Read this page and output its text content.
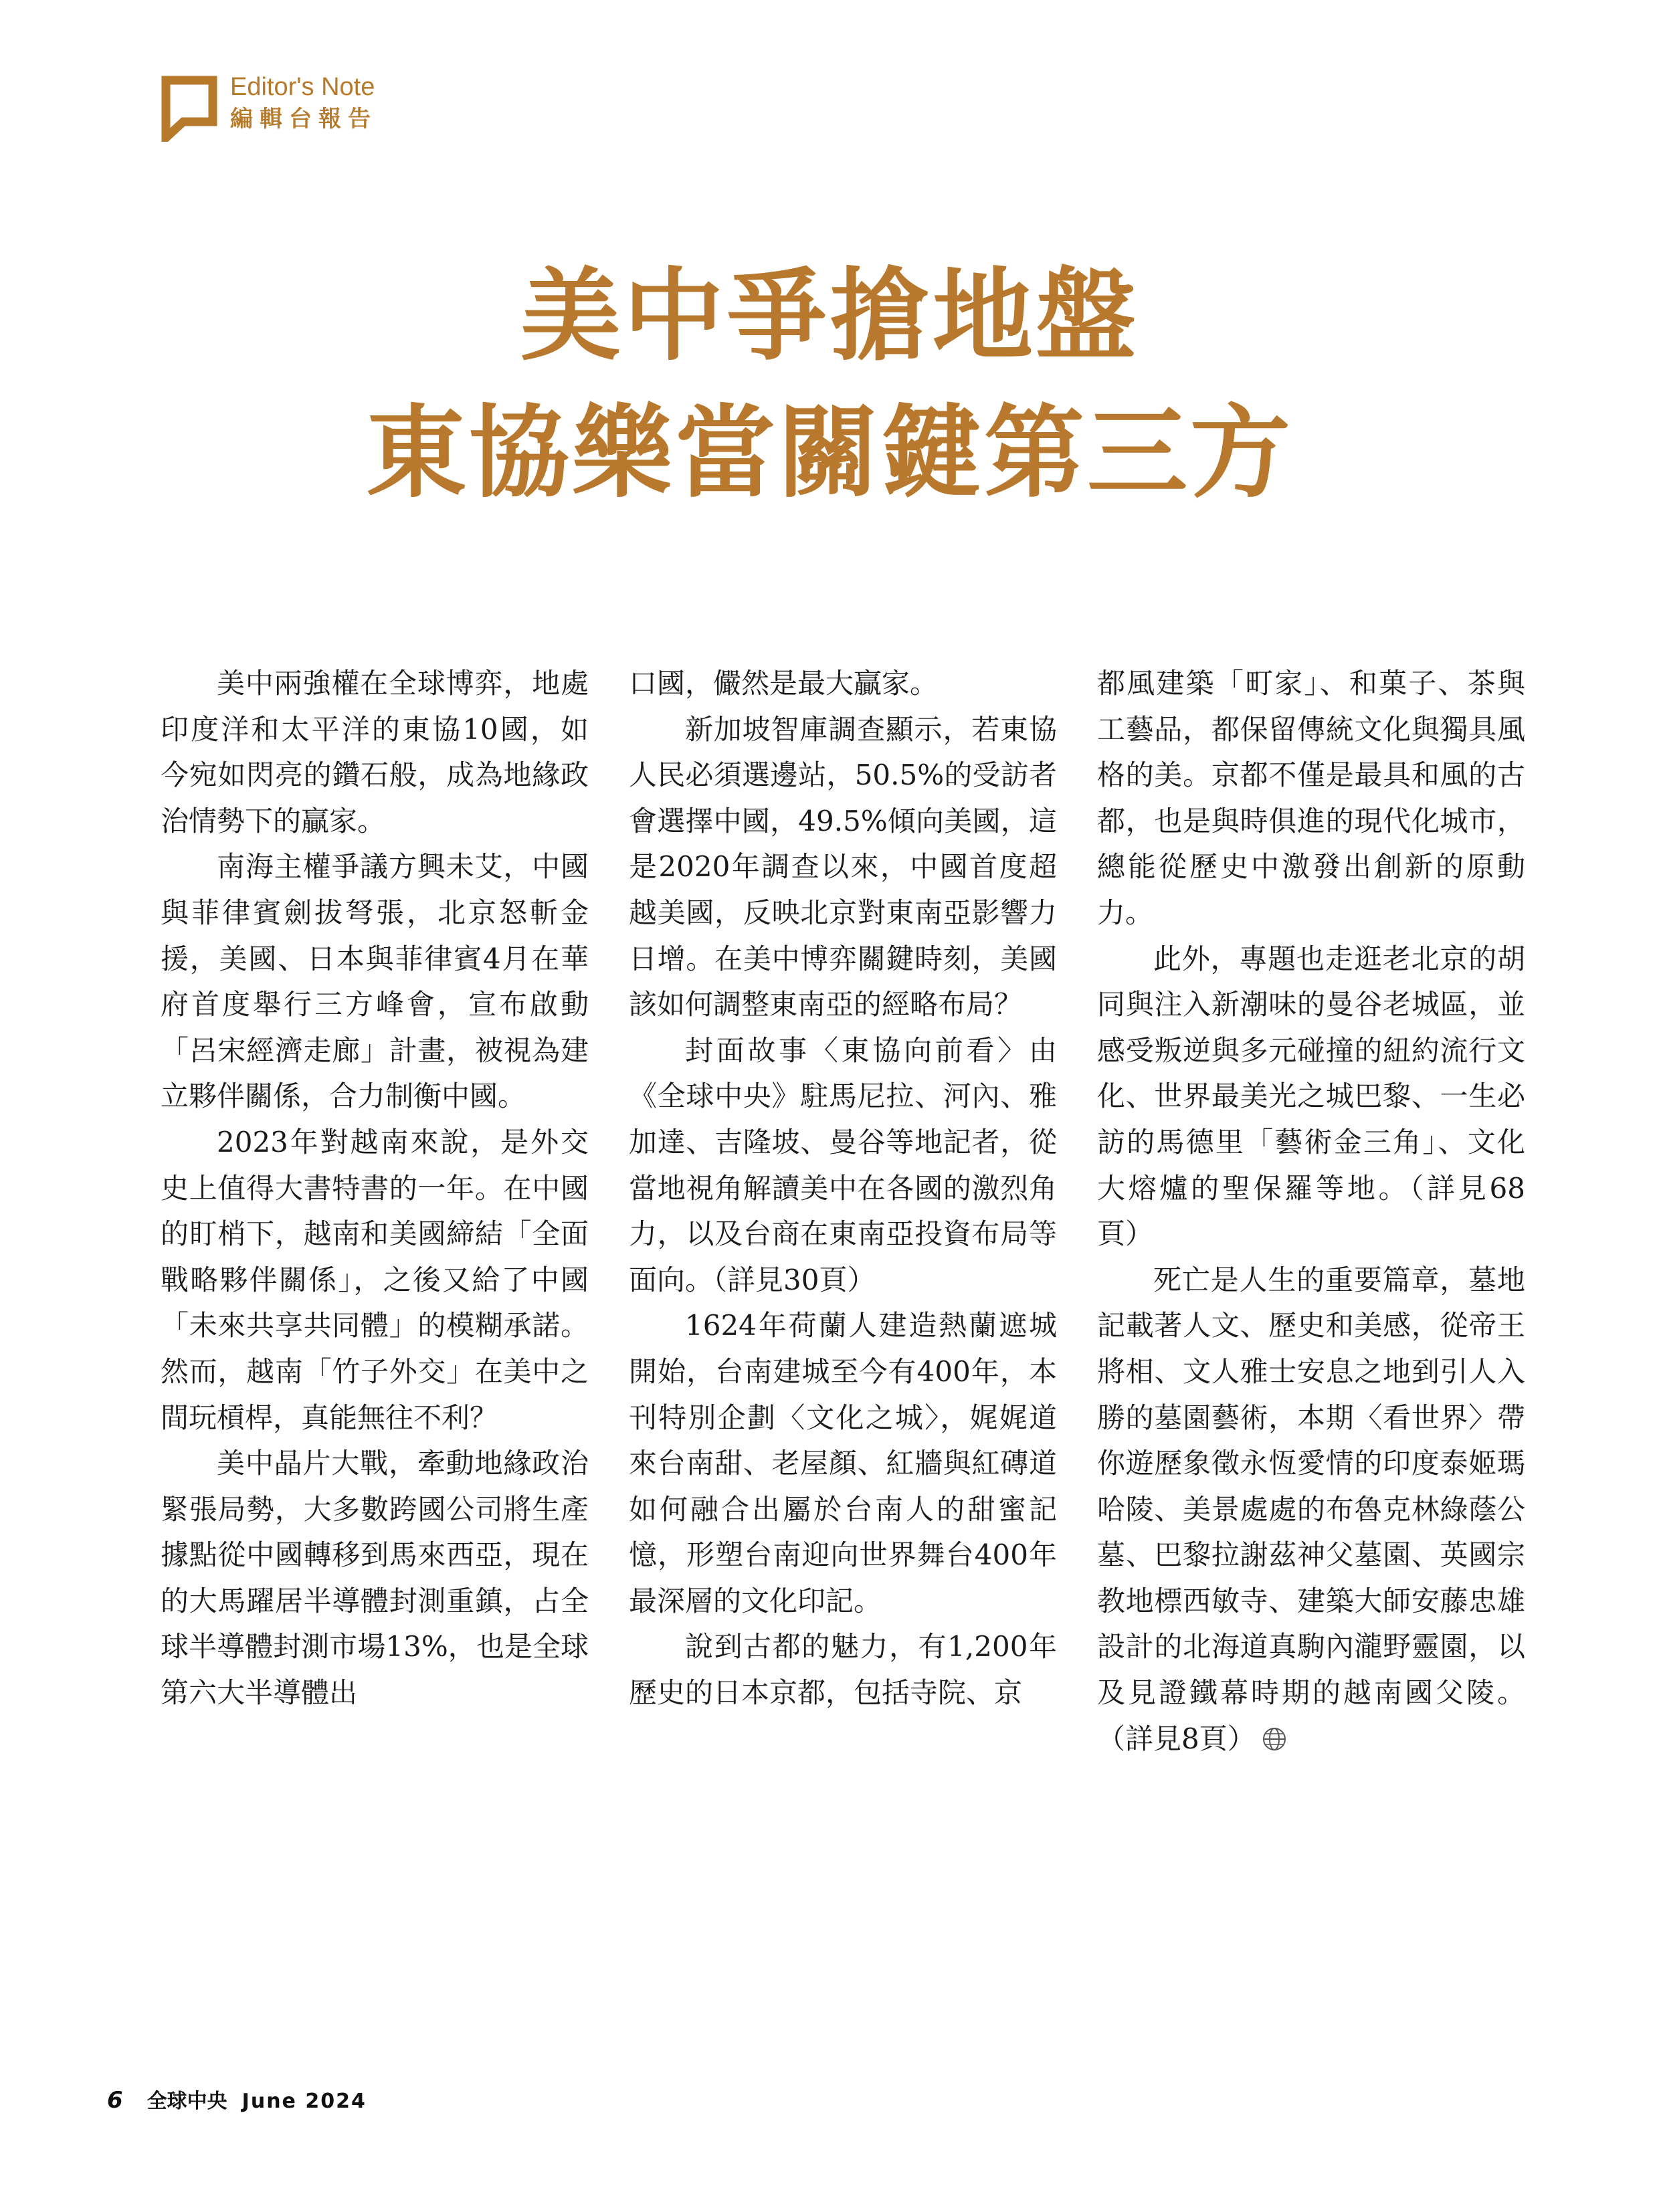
Editor's Note
編輯台報告
美中爭搶地盤
東協樂當關鍵第三方

美中兩強權在全球博弈，地處印度洋和太平洋的東協10國，如今宛如閃亮的鑽石般，成為地緣政治情勢下的贏家。

南海主權爭議方興未艾，中國與菲律賓劍拔弩張，北京怒斬金援，美國、日本與菲律賓4月在華府首度舉行三方峰會，宣布啟動「呂宋經濟走廊」計畫，被視為建立夥伴關係，合力制衡中國。

2023年對越南來說，是外交史上值得大書特書的一年。在中國的盯梢下，越南和美國締結「全面戰略夥伴關係」，之後又給了中國「未來共享共同體」的模糊承諾。然而，越南「竹子外交」在美中之間玩槓桿，真能無往不利？

美中晶片大戰，牽動地緣政治緊張局勢，大多數跨國公司將生產據點從中國轉移到馬來西亞，現在的大馬躍居半導體封測重鎮，占全球半導體封測市場13%，也是全球第六大半導體出

口國，儼然是最大贏家。

新加坡智庫調查顯示，若東協人民必須選邊站，50.5%的受訪者會選擇中國，49.5%傾向美國，這是2020年調查以來，中國首度超越美國，反映北京對東南亞影響力日增。在美中博弈關鍵時刻，美國該如何調整東南亞的經略布局？

封面故事〈東協向前看〉由《全球中央》駐馬尼拉、河內、雅加達、吉隆坡、曼谷等地記者，從當地視角解讀美中在各國的激烈角力，以及台商在東南亞投資布局等面向。（詳見30頁）

1624年荷蘭人建造熱蘭遮城開始，台南建城至今有400年，本刊特別企劃〈文化之城〉，娓娓道來台南甜、老屋顏、紅牆與紅磚道如何融合出屬於台南人的甜蜜記憶，形塑台南迎向世界舞台400年最深層的文化印記。

說到古都的魅力，有1,200年歷史的日本京都，包括寺院、京

都風建築「町家」、和菓子、茶與工藝品，都保留傳統文化與獨具風格的美。京都不僅是最具和風的古都，也是與時俱進的現代化城市，總能從歷史中激發出創新的原動力。

此外，專題也走逛老北京的胡同與注入新潮味的曼谷老城區，並感受叛逆與多元碰撞的紐約流行文化、世界最美光之城巴黎、一生必訪的馬德里「藝術金三角」、文化大熔爐的聖保羅等地。（詳見68頁）

死亡是人生的重要篇章，墓地記載著人文、歷史和美感，從帝王將相、文人雅士安息之地到引人入勝的墓園藝術，本期〈看世界〉帶你遊歷象徵永恆愛情的印度泰姬瑪哈陵、美景處處的布魯克林綠蔭公墓、巴黎拉謝茲神父墓園、英國宗教地標西敏寺、建築大師安藤忠雄設計的北海道真駒內瀧野靈園，以及見證鐵幕時期的越南國父陵。（詳見8頁）

6 全球中央 June 2024
